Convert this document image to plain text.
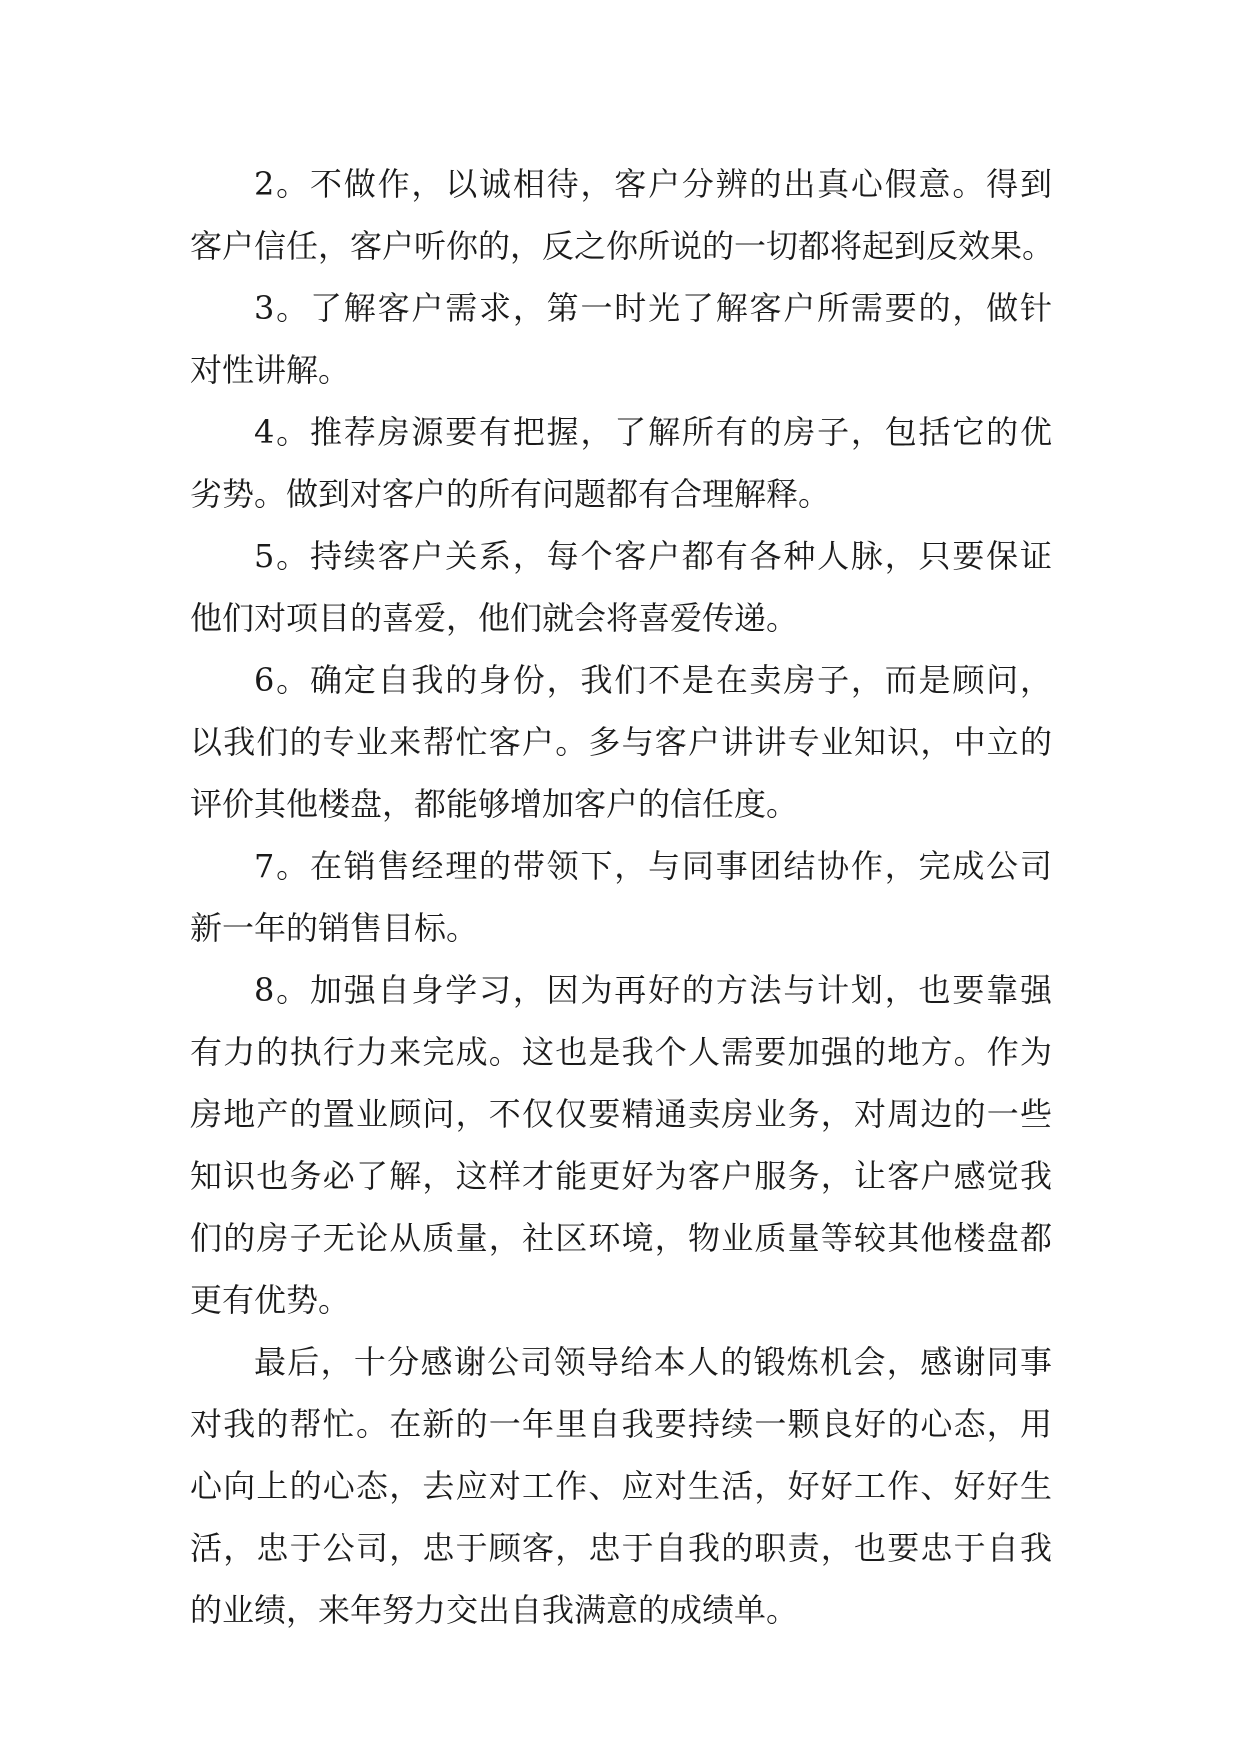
2。不做作，以诚相待，客户分辨的出真心假意。得到

客户信任，客户听你的，反之你所说的一切都将起到反效果。

3。了解客户需求，第一时光了解客户所需要的，做针

对性讲解。

4。推荐房源要有把握，了解所有的房子，包括它的优

劣势。做到对客户的所有问题都有合理解释。

5。持续客户关系，每个客户都有各种人脉，只要保证

他们对项目的喜爱，他们就会将喜爱传递。

6。确定自我的身份，我们不是在卖房子，而是顾问，

以我们的专业来帮忙客户。多与客户讲讲专业知识，中立的

评价其他楼盘，都能够增加客户的信任度。

7。在销售经理的带领下，与同事团结协作，完成公司

新一年的销售目标。

8。加强自身学习，因为再好的方法与计划，也要靠强

有力的执行力来完成。这也是我个人需要加强的地方。作为

房地产的置业顾问，不仅仅要精通卖房业务，对周边的一些

知识也务必了解，这样才能更好为客户服务，让客户感觉我

们的房子无论从质量，社区环境，物业质量等较其他楼盘都

更有优势。

最后，十分感谢公司领导给本人的锻炼机会，感谢同事

对我的帮忙。在新的一年里自我要持续一颗良好的心态，用

心向上的心态，去应对工作、应对生活，好好工作、好好生

活，忠于公司，忠于顾客，忠于自我的职责，也要忠于自我

的业绩，来年努力交出自我满意的成绩单。
